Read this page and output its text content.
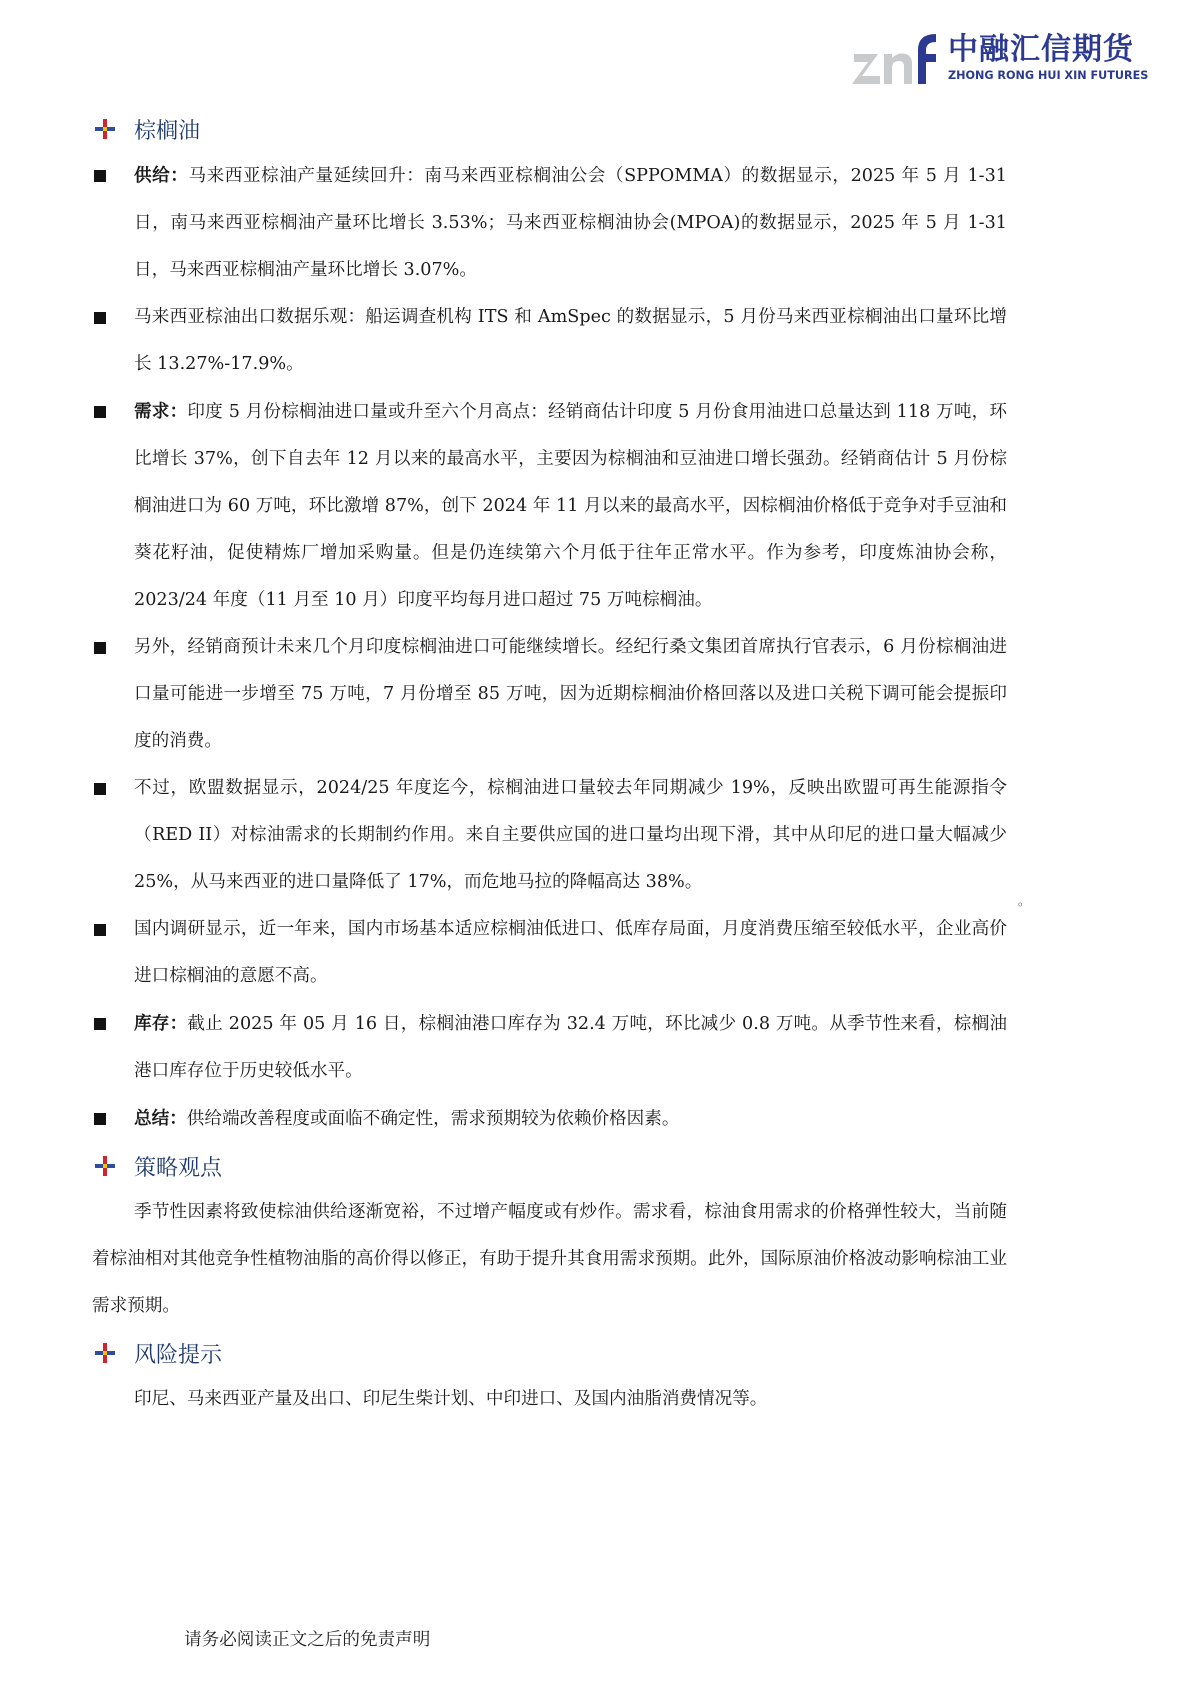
中融汇信期货
ZHONG RONG HUI XIN FUTURES
棕榈油
供给：马来西亚棕油产量延续回升：南马来西亚棕榈油公会（SPPOMMA）的数据显示，2025 年 5 月 1-31 日，南马来西亚棕榈油产量环比增长 3.53%；马来西亚棕榈油协会(MPOA)的数据显示，2025 年 5 月 1-31 日，马来西亚棕榈油产量环比增长 3.07%。
马来西亚棕油出口数据乐观：船运调查机构 ITS 和 AmSpec 的数据显示，5 月份马来西亚棕榈油出口量环比增长 13.27%-17.9%。
需求：印度 5 月份棕榈油进口量或升至六个月高点：经销商估计印度 5 月份食用油进口总量达到 118 万吨，环比增长 37%，创下自去年 12 月以来的最高水平，主要因为棕榈油和豆油进口增长强劲。经销商估计 5 月份棕榈油进口为 60 万吨，环比激增 87%，创下 2024 年 11 月以来的最高水平，因棕榈油价格低于竞争对手豆油和葵花籽油，促使精炼厂增加采购量。但是仍连续第六个月低于往年正常水平。作为参考，印度炼油协会称，2023/24 年度（11 月至 10 月）印度平均每月进口超过 75 万吨棕榈油。
另外，经销商预计未来几个月印度棕榈油进口可能继续增长。经纪行桑文集团首席执行官表示，6 月份棕榈油进口量可能进一步增至 75 万吨，7 月份增至 85 万吨，因为近期棕榈油价格回落以及进口关税下调可能会提振印度的消费。
不过，欧盟数据显示，2024/25 年度迄今，棕榈油进口量较去年同期减少 19%，反映出欧盟可再生能源指令（RED II）对棕油需求的长期制约作用。来自主要供应国的进口量均出现下滑，其中从印尼的进口量大幅减少 25%，从马来西亚的进口量降低了 17%，而危地马拉的降幅高达 38%。
国内调研显示，近一年来，国内市场基本适应棕榈油低进口、低库存局面，月度消费压缩至较低水平，企业高价进口棕榈油的意愿不高。
库存：截止 2025 年 05 月 16 日，棕榈油港口库存为 32.4 万吨，环比减少 0.8 万吨。从季节性来看，棕榈油港口库存位于历史较低水平。
总结：供给端改善程度或面临不确定性，需求预期较为依赖价格因素。
策略观点

季节性因素将致使棕油供给逐渐宽裕，不过增产幅度或有炒作。需求看，棕油食用需求的价格弹性较大，当前随着棕油相对其他竞争性植物油脂的高价得以修正，有助于提升其食用需求预期。此外，国际原油价格波动影响棕油工业需求预期。

风险提示

印尼、马来西亚产量及出口、印尼生柴计划、中印进口、及国内油脂消费情况等。

。
请务必阅读正文之后的免责声明
